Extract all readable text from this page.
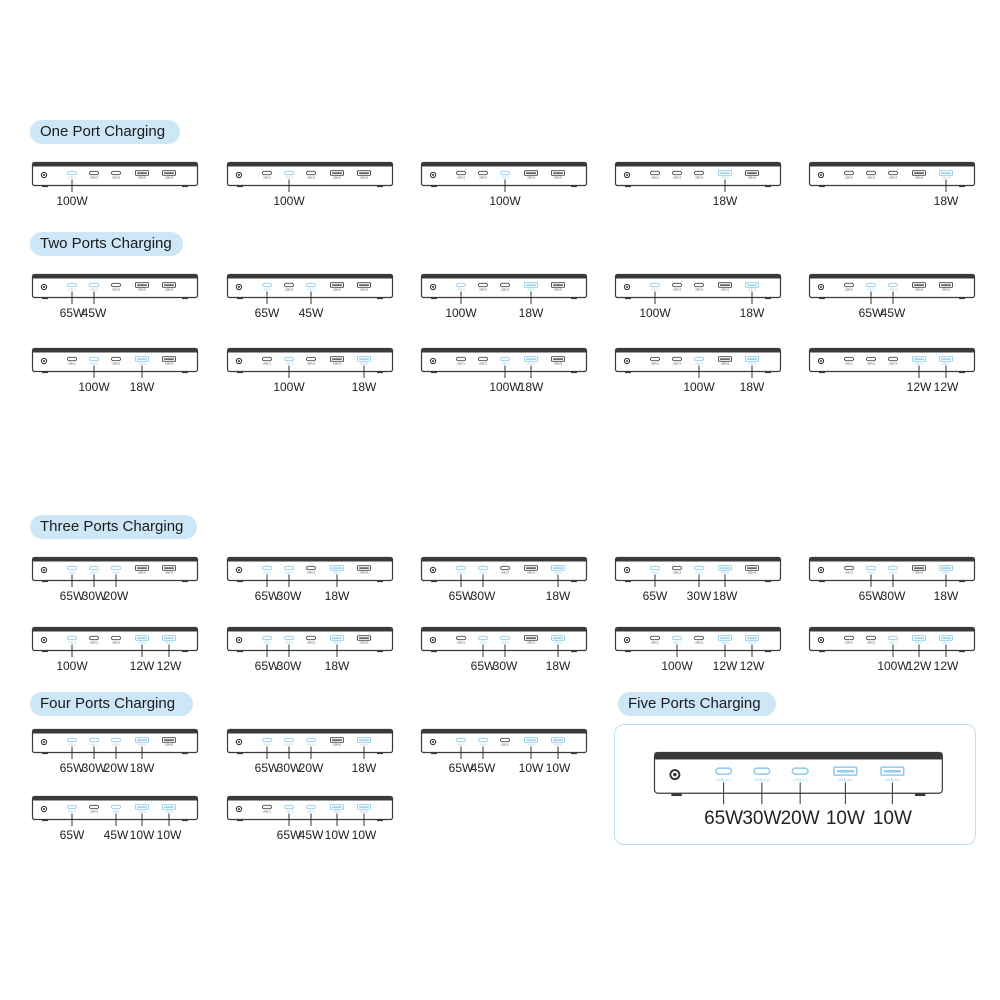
One Port Charging
Two Ports Charging
Three Ports Charging
Four Ports Charging	Five Ports Charging
USB-C1	USB-C2	USB-C3	USB-A1	USB-A2
100W
USB-C1	USB-C2	USB-C3	USB-A1	USB-A2
100W
USB-C1	USB-C2	USB-C3	USB-A1	USB-A2
100W
USB-C1	USB-C2	USB-C3	USB-A1	USB-A2
18W
USB-C1	USB-C2	USB-C3	USB-A1	USB-A2
18W
USB-C1	USB-C2	USB-C3	USB-A1	USB-A2
65W
45W
USB-C1	USB-C2	USB-C3	USB-A1	USB-A2
65W 45W
USB-C1	USB-C2	USB-C3	USB-A1	USB-A2
100W	18W
USB-C1	USB-C2	USB-C3	USB-A1	USB-A2
100W	18W
USB-C1	USB-C2	USB-C3	USB-A1	USB-A2
65W
45W
USB-C1	USB-C2	USB-C3	USB-A1	USB-A2
100W 18W
USB-C1	USB-C2	USB-C3	USB-A1	USB-A2
100W	18W
USB-C1	USB-C2	USB-C3	USB-A1	USB-A2
100W
18W
USB-C1	USB-C2	USB-C3	USB-A1	USB-A2
100W 18W
USB-C1	USB-C2	USB-C3	USB-A1	USB-A2
12W 12W
USB-C1	USB-C2	USB-C3	USB-A1	USB-A2
65W
30W
20W
USB-C1	USB-C2	USB-C3	USB-A1	USB-A2
65W
30W 18W
USB-C1	USB-C2	USB-C3	USB-A1	USB-A2
65W
30W	18W
USB-C1	USB-C2	USB-C3	USB-A1	USB-A2
65W 30W 18W
USB-C1	USB-C2	USB-C3	USB-A1	USB-A2
65W
30W 18W
USB-C1	USB-C2	USB-C3	USB-A1	USB-A2
100W	12W 12W
USB-C1	USB-C2	USB-C3	USB-A1	USB-A2
65W
30W 18W
USB-C1	USB-C2	USB-C3	USB-A1	USB-A2
65W
30W 18W
USB-C1	USB-C2	USB-C3	USB-A1	USB-A2
100W 12W 12W
USB-C1	USB-C2	USB-C3	USB-A1	USB-A2
100W
12W 12W
USB-C1	USB-C2	USB-C3	USB-A1	USB-A2
65W
30W
20W 18W
USB-C1	USB-C2	USB-C3	USB-A1	USB-A2
65W
30W
20W 18W
USB-C1	USB-C2	USB-C3	USB-A1	USB-A2
65W
45W 10W 10W
USB-C1	USB-C2	USB-C3	USB-A1	USB-A2
65W 45W 10W 10W
USB-C1	USB-C2	USB-C3	USB-A1	USB-A2
65W
45W 10W 10W
USB-C1	USB-C2	USB-C3	USB-A1	USB-A2
65W 30W 20W 10W 10W
